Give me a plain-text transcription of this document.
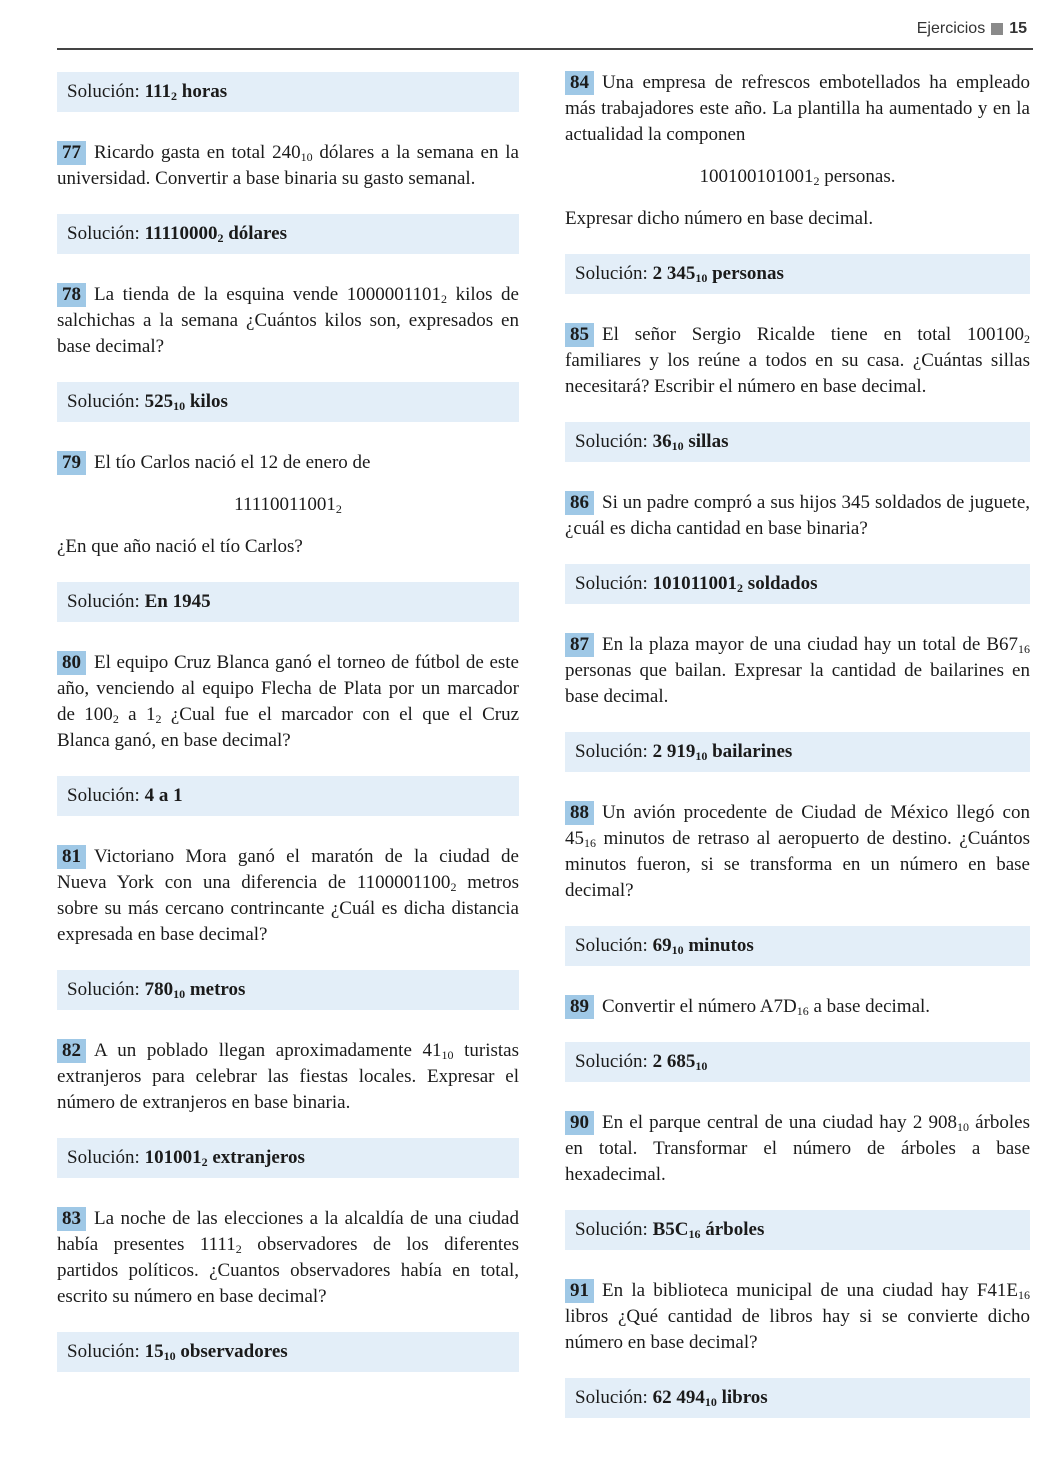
Ejercicios 15
Solución: $111_2$ horas

77 Ricardo gasta en total $240_{10}$ dólares a la semana en la universidad. Convertir a base binaria su gasto semanal.

Solución: $11110000_2$ dólares

78 La tienda de la esquina vende $1000001101_2$ kilos de salchichas a la semana ¿Cuántos kilos son, expresados en base decimal?

Solución: $525_{10}$ kilos

79 El tío Carlos nació el 12 de enero de

$11110011001_2$

¿En que año nació el tío Carlos?

Solución: En 1945

80 El equipo Cruz Blanca ganó el torneo de fútbol de este año, venciendo al equipo Flecha de Plata por un marcador de $100_2$ a $1_2$ ¿Cual fue el marcador con el que el Cruz Blanca ganó, en base decimal?

Solución: 4 a 1

81 Victoriano Mora ganó el maratón de la ciudad de Nueva York con una diferencia de $1100001100_2$ metros sobre su más cercano contrincante ¿Cuál es dicha distancia expresada en base decimal?

Solución: $780_{10}$ metros

82 A un poblado llegan aproximadamente $41_{10}$ turistas extranjeros para celebrar las fiestas locales. Expresar el número de extranjeros en base binaria.

Solución: $101001_2$ extranjeros

83 La noche de las elecciones a la alcaldía de una ciudad había presentes $1111_2$ observadores de los diferentes partidos políticos. ¿Cuantos observadores había en total, escrito su número en base decimal?

Solución: $15_{10}$ observadores

84 Una empresa de refrescos embotellados ha empleado más trabajadores este año. La plantilla ha aumentado y en la actualidad la componen

$100100101001_2$ personas.

Expresar dicho número en base decimal.

Solución: 2 $345_{10}$ personas

85 El señor Sergio Ricalde tiene en total $100100_2$ familiares y los reúne a todos en su casa. ¿Cuántas sillas necesitará? Escribir el número en base decimal.

Solución: $36_{10}$ sillas

86 Si un padre compró a sus hijos 345 soldados de juguete, ¿cuál es dicha cantidad en base binaria?

Solución: $101011001_2$ soldados

87 En la plaza mayor de una ciudad hay un total de $B67_{16}$ personas que bailan. Expresar la cantidad de bailarines en base decimal.

Solución: 2 $919_{10}$ bailarines

88 Un avión procedente de Ciudad de México llegó con $45_{16}$ minutos de retraso al aeropuerto de destino. ¿Cuántos minutos fueron, si se transforma en un número en base decimal?

Solución: $69_{10}$ minutos

89 Convertir el número $A7D_{16}$ a base decimal.

Solución: 2 $685_{10}$

90 En el parque central de una ciudad hay 2 $908_{10}$ árboles en total. Transformar el número de árboles a base hexadecimal.

Solución: $B5C_{16}$ árboles

91 En la biblioteca municipal de una ciudad hay $F41E_{16}$ libros ¿Qué cantidad de libros hay si se convierte dicho número en base decimal?

Solución: 62 $494_{10}$ libros
